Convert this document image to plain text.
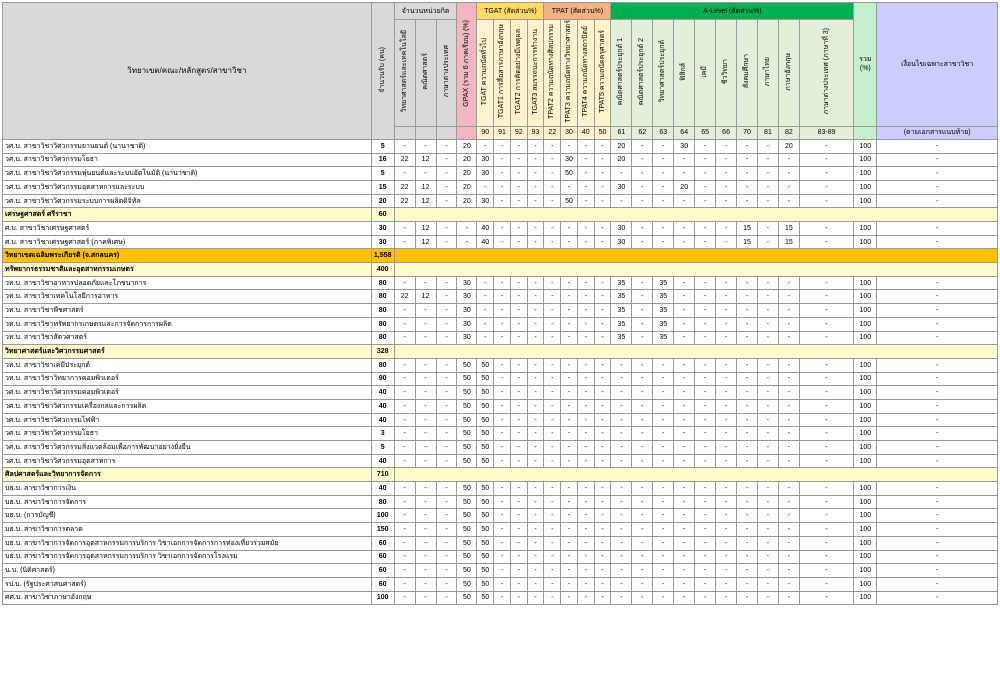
วิทยาเขต/คณะ/หลักสูตร/สาขาวิชา	จำนวนรับ (คน)	จำนวนหน่วยกิต			GPAX (รวม 6 ภาคเรียน) (%)	TGAT (สัดส่วน%)				TPAT (สัดส่วน%)				A-Level (สัดส่วน%)										รวม (%)	เงื่อนไขเฉพาะสาขาวิชา
		วิทยาศาสตร์และเทคโนโลยี	คณิตศาสตร์	ภาษาต่างประเทศ		TGAT ความถนัดทั่วไป	TGAT1 การสื่อสารภาษาอังกฤษ	TGAT2 การคิดอย่างมีเหตุผล	TGAT3 สมรรถนะการทำงาน	TPAT2 ความถนัดทางศิลปกรรม	TPAT3 ความถนัดทางวิทยาศาสตร์	TPAT4 ความถนัดทางสถาปัตย์	TPAT5 ความถนัดครุศาสตร์	คณิตศาสตร์ประยุกต์ 1	คณิตศาสตร์ประยุกต์ 2	วิทยาศาสตร์ประยุกต์	ฟิสิกส์	เคมี	ชีววิทยา	สังคมศึกษา	ภาษาไทย	ภาษาอังกฤษ	ภาษาต่างประเทศ (ภาษาที่ 3)		
						90	91	92	93	22	30	40	50	61	62	63	64	65	66	70	81	82	83-89		(ตามเอกสารแนบท้าย)
วศ.บ. สาขาวิชาวิศวกรรมยานยนต์ (นานาชาติ)	5	-	-	-	20	-	-	-	-	-	-	-	-	20	-	-	30	-	-	-	-	20	-	100	-
วศ.บ. สาขาวิชาวิศวกรรมโยธา	16	22	12	-	20	30	-	-	-	-	30	-	-	20	-	-	-	-	-	-	-	-	-	100	-
วศ.บ. สาขาวิชาวิศวกรรมหุ่นยนต์และระบบอัตโนมัติ (นานาชาติ)	5	-	-	-	20	30	-	-	-	-	50	-	-	-	-	-	-	-	-	-	-	-	-	100	-
วศ.บ. สาขาวิชาวิศวกรรมอุตสาหการและระบบ	15	22	12	-	20	-	-	-	-	-	-	-	-	30	-	-	20	-	-	-	-	-	-	100	-
วศ.บ. สาขาวิชาวิศวกรรมระบบการผลิตดิจิทัล	20	22	12	-	20	30	-	-	-	-	50	-	-	-	-	-	-	-	-	-	-	-	-	100	-
เศรษฐศาสตร์ ศรีราชา	60																								
ศ.บ. สาขาวิชาเศรษฐศาสตร์	30	-	12	-	-	40	-	-	-	-	-	-	-	30	-	-	-	-	-	15	-	15	-	100	-
ศ.บ. สาขาวิชาเศรษฐศาสตร์ (ภาคพิเศษ)	30	-	12	-	-	40	-	-	-	-	-	-	-	30	-	-	-	-	-	15	-	15	-	100	-
วิทยาเขตเฉลิมพระเกียรติ (จ.สกลนคร)	1,558																								
ทรัพยากรธรรมชาติและอุตสาหกรรมเกษตร	400																								
วท.บ. สาขาวิชาอาหารปลอดภัยและโภชนาการ	80	-	-	-	30	-	-	-	-	-	-	-	-	35	-	35	-	-	-	-	-	-	-	100	-
วท.บ. สาขาวิชาเทคโนโลยีการอาหาร	80	22	12	-	30	-	-	-	-	-	-	-	-	35	-	35	-	-	-	-	-	-	-	100	-
วท.บ. สาขาวิชาพืชศาสตร์	80	-	-	-	30	-	-	-	-	-	-	-	-	35	-	35	-	-	-	-	-	-	-	100	-
วท.บ. สาขาวิชาทรัพยากรเกษตรและการจัดการการผลิต	80	-	-	-	30	-	-	-	-	-	-	-	-	35	-	35	-	-	-	-	-	-	-	100	-
วท.บ. สาขาวิชาสัตวศาสตร์	80	-	-	-	30	-	-	-	-	-	-	-	-	35	-	35	-	-	-	-	-	-	-	100	-
วิทยาศาสตร์และวิศวกรรมศาสตร์	328																								
วท.บ. สาขาวิชาเคมีประยุกต์	80	-	-	-	50	50	-	-	-	-	-	-	-	-	-	-	-	-	-	-	-	-	-	100	-
วท.บ. สาขาวิชาวิทยาการคอมพิวเตอร์	90	-	-	-	50	50	-	-	-	-	-	-	-	-	-	-	-	-	-	-	-	-	-	100	-
วศ.บ. สาขาวิชาวิศวกรรมคอมพิวเตอร์	40	-	-	-	50	50	-	-	-	-	-	-	-	-	-	-	-	-	-	-	-	-	-	100	-
วศ.บ. สาขาวิชาวิศวกรรมเครื่องกลและการผลิต	40	-	-	-	50	50	-	-	-	-	-	-	-	-	-	-	-	-	-	-	-	-	-	100	-
วศ.บ. สาขาวิชาวิศวกรรมไฟฟ้า	40	-	-	-	50	50	-	-	-	-	-	-	-	-	-	-	-	-	-	-	-	-	-	100	-
วศ.บ. สาขาวิชาวิศวกรรมโยธา	3	-	-	-	50	50	-	-	-	-	-	-	-	-	-	-	-	-	-	-	-	-	-	100	-
วศ.บ. สาขาวิชาวิศวกรรมสิ่งแวดล้อมเพื่อการพัฒนาอย่างยั่งยืน	5	-	-	-	50	50	-	-	-	-	-	-	-	-	-	-	-	-	-	-	-	-	-	100	-
วศ.บ. สาขาวิชาวิศวกรรมอุตสาหการ	40	-	-	-	50	50	-	-	-	-	-	-	-	-	-	-	-	-	-	-	-	-	-	100	-
ศิลปศาสตร์และวิทยาการจัดการ	710																								
บธ.บ. สาขาวิชาการเงิน	40	-	-	-	50	50	-	-	-	-	-	-	-	-	-	-	-	-	-	-	-	-	-	100	-
บธ.บ. สาขาวิชาการจัดการ	80	-	-	-	50	50	-	-	-	-	-	-	-	-	-	-	-	-	-	-	-	-	-	100	-
บธ.บ. (การบัญชี)	100	-	-	-	50	50	-	-	-	-	-	-	-	-	-	-	-	-	-	-	-	-	-	100	-
บธ.บ. สาขาวิชาการตลาด	150	-	-	-	50	50	-	-	-	-	-	-	-	-	-	-	-	-	-	-	-	-	-	100	-
บธ.บ. สาขาวิชาการจัดการอุตสาหกรรมการบริการ วิชาเอกการจัดการการท่องเที่ยวร่วมสมัย	60	-	-	-	50	50	-	-	-	-	-	-	-	-	-	-	-	-	-	-	-	-	-	100	-
บธ.บ. สาขาวิชาการจัดการอุตสาหกรรมการบริการ วิชาเอกการจัดการโรงแรม	60	-	-	-	50	50	-	-	-	-	-	-	-	-	-	-	-	-	-	-	-	-	-	100	-
น.บ. (นิติศาสตร์)	60	-	-	-	50	50	-	-	-	-	-	-	-	-	-	-	-	-	-	-	-	-	-	100	-
รป.บ. (รัฐประศาสนศาสตร์)	60	-	-	-	50	50	-	-	-	-	-	-	-	-	-	-	-	-	-	-	-	-	-	100	-
ศศ.บ. สาขาวิชาภาษาอังกฤษ	100	-	-	-	50	50	-	-	-	-	-	-	-	-	-	-	-	-	-	-	-	-	-	100	-
